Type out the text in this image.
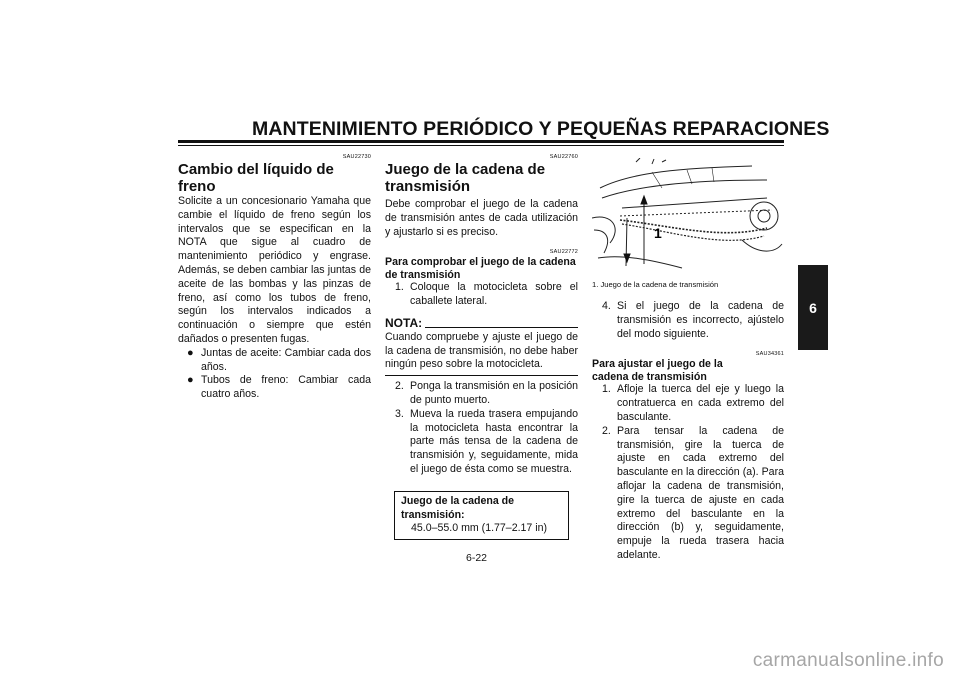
MANTENIMIENTO PERIÓDICO Y PEQUEÑAS REPARACIONES
6
SAU22730
Cambio del líquido de freno
Solicite a un concesionario Yamaha que cambie el líquido de freno según los intervalos que se especifican en la NOTA que sigue al cuadro de mantenimiento periódico y engrase. Además, se deben cambiar las juntas de aceite de las bombas y las pinzas de freno, así como los tubos de freno, según los intervalos indicados a continuación o siempre que estén dañados o presenten fugas.
● Juntas de aceite: Cambiar cada dos años.
● Tubos de freno: Cambiar cada cuatro años.
SAU22760
Juego de la cadena de transmisión
Debe comprobar el juego de la cadena de transmisión antes de cada utilización y ajustarlo si es preciso.
SAU22772
Para comprobar el juego de la cadena de transmisión
1. Coloque la motocicleta sobre el caballete lateral.
NOTA:
Cuando compruebe y ajuste el juego de la cadena de transmisión, no debe haber ningún peso sobre la motocicleta.
2. Ponga la transmisión en la posición de punto muerto.
3. Mueva la rueda trasera empujando la motocicleta hasta encontrar la parte más tensa de la cadena de transmisión y, seguidamente, mida el juego de ésta como se muestra.
Juego de la cadena de transmisión:
45.0–55.0 mm (1.77–2.17 in)
1
1. Juego de la cadena de transmisión
4. Si el juego de la cadena de transmisión es incorrecto, ajústelo del modo siguiente.
SAU34361
Para ajustar el juego de la cadena de transmisión
1. Afloje la tuerca del eje y luego la contratuerca en cada extremo del basculante.
2. Para tensar la cadena de transmisión, gire la tuerca de ajuste en cada extremo del basculante en la dirección (a). Para aflojar la cadena de transmisión, gire la tuerca de ajuste en cada extremo del basculante en la dirección (b) y, seguidamente, empuje la rueda trasera hacia adelante.
6-22
carmanualsonline.info
